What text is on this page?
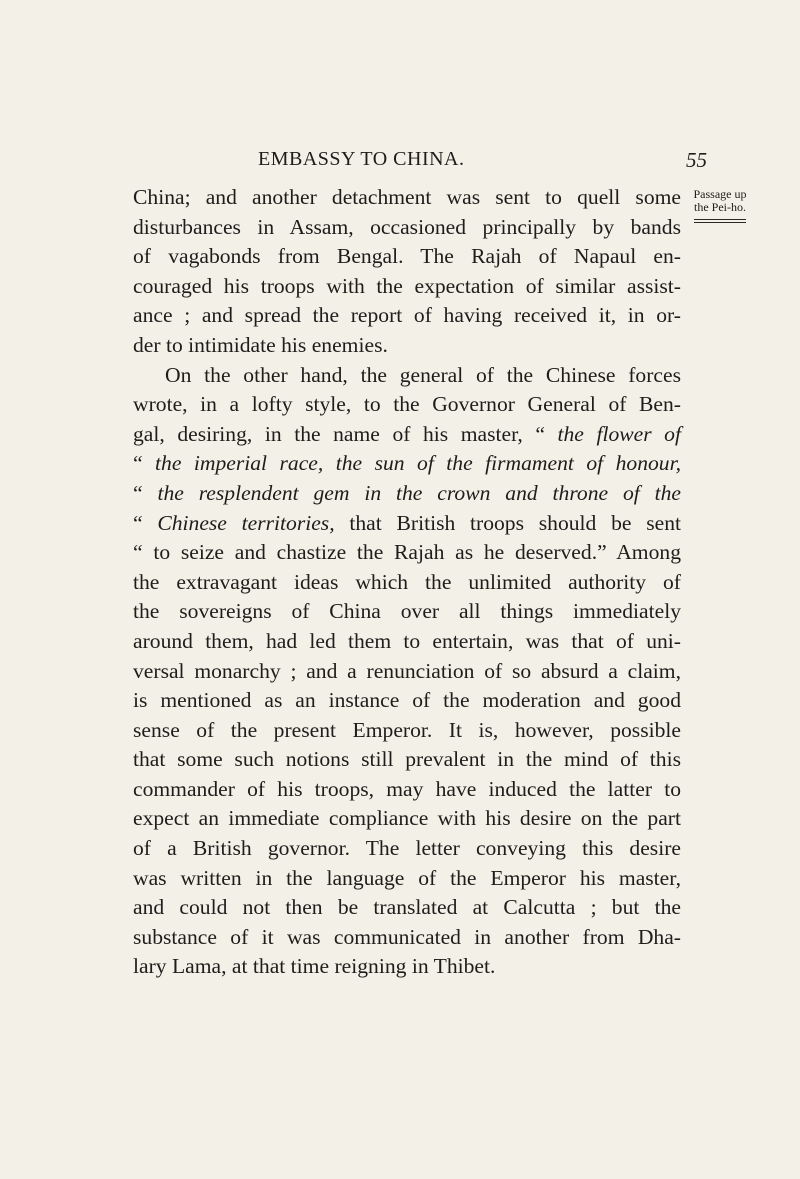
EMBASSY TO CHINA.	55
Passage up
the Pei-ho.
China; and another detachment was sent to quell some
disturbances in Assam, occasioned principally by bands
of vagabonds from Bengal. The Rajah of Napaul en-
couraged his troops with the expectation of similar assist-
ance ; and spread the report of having received it, in or-
der to intimidate his enemies.
On the other hand, the general of the Chinese forces
wrote, in a lofty style, to the Governor General of Ben-
gal, desiring, in the name of his master, “ the flower of
“ the imperial race, the sun of the firmament of honour,
“ the resplendent gem in the crown and throne of the
“ Chinese territories, that British troops should be sent
“ to seize and chastize the Rajah as he deserved.” Among
the extravagant ideas which the unlimited authority of
the sovereigns of China over all things immediately
around them, had led them to entertain, was that of uni-
versal monarchy ; and a renunciation of so absurd a claim,
is mentioned as an instance of the moderation and good
sense of the present Emperor. It is, however, possible
that some such notions still prevalent in the mind of this
commander of his troops, may have induced the latter to
expect an immediate compliance with his desire on the part
of a British governor. The letter conveying this desire
was written in the language of the Emperor his master,
and could not then be translated at Calcutta ; but the
substance of it was communicated in another from Dha-
lary Lama, at that time reigning in Thibet.
